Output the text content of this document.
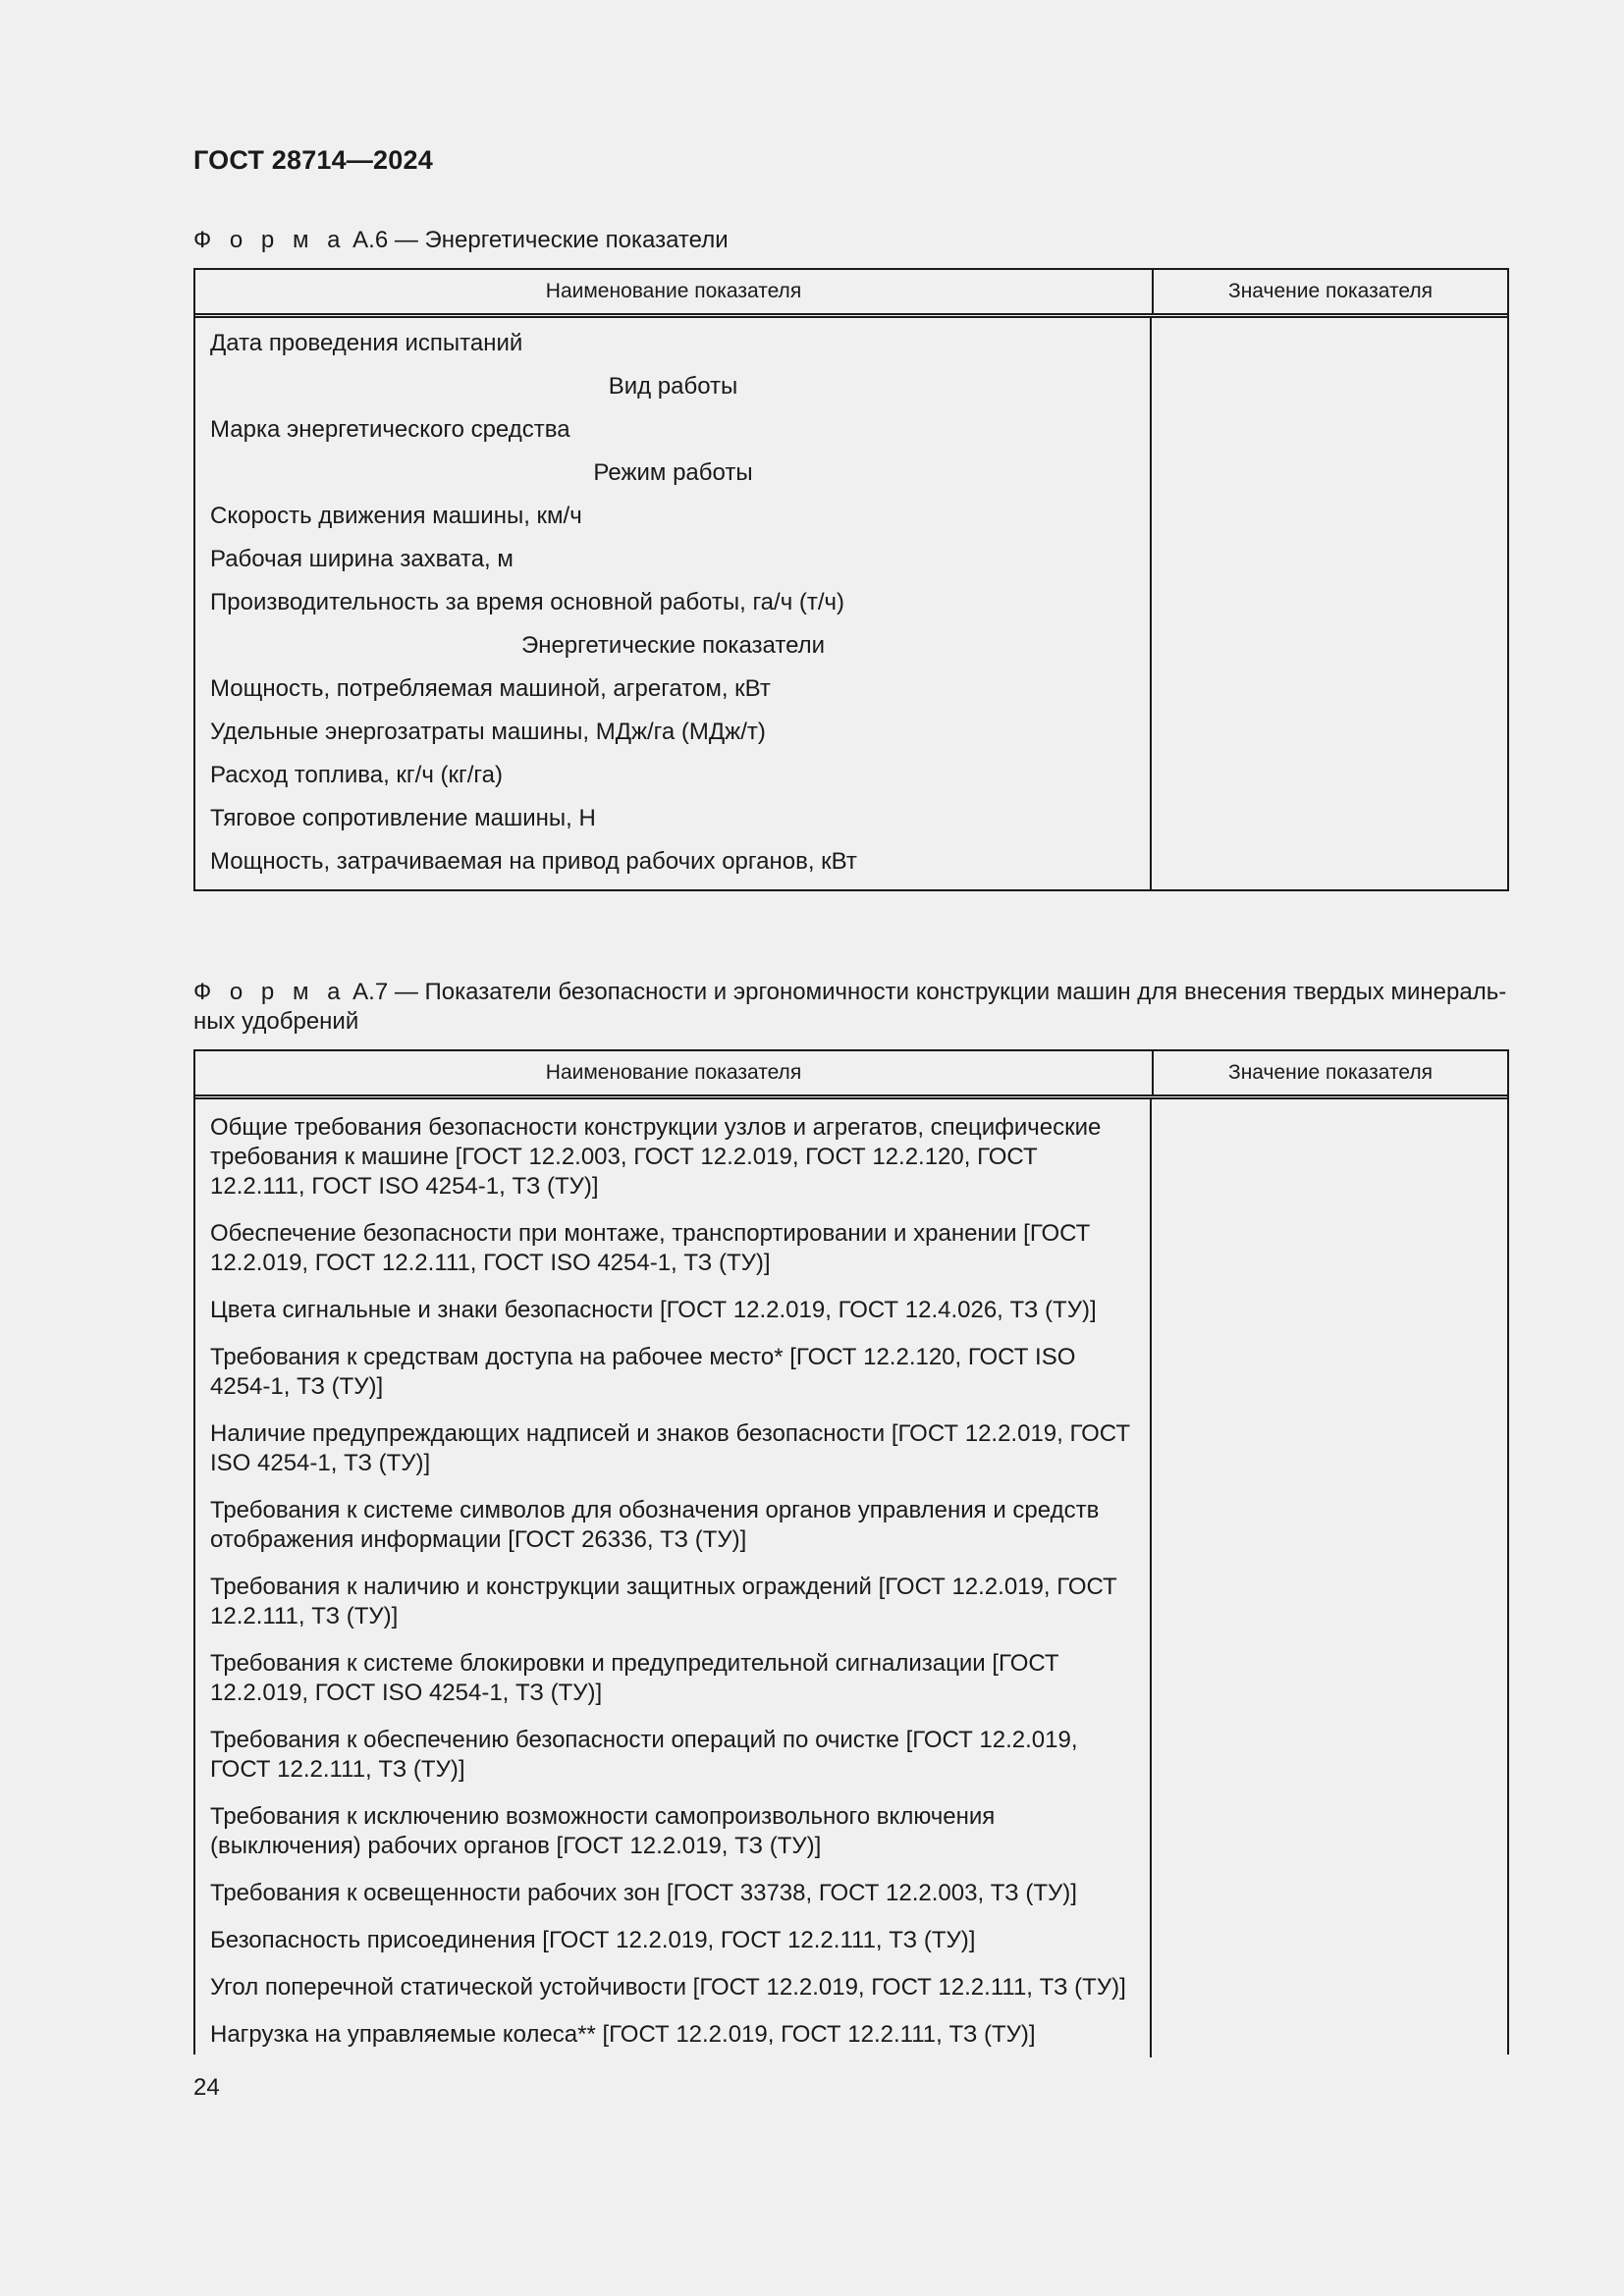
ГОСТ 28714—2024
Ф о р м а А.6 — Энергетические показатели
Наименование показателя	Значение показателя
Дата проведения испытаний
Вид работы
Марка энергетического средства
Режим работы
Скорость движения машины, км/ч
Рабочая ширина захвата, м
Производительность за время основной работы, га/ч (т/ч)
Энергетические показатели
Мощность, потребляемая машиной, агрегатом, кВт
Удельные энергозатраты машины, МДж/га (МДж/т)
Расход топлива, кг/ч (кг/га)
Тяговое сопротивление машины, Н
Мощность, затрачиваемая на привод рабочих органов, кВт
Ф о р м а А.7 — Показатели безопасности и эргономичности конструкции машин для внесения твердых минераль-
ных удобрений
Наименование показателя	Значение показателя
Общие требования безопасности конструкции узлов и агрегатов, специфические требования к машине [ГОСТ 12.2.003, ГОСТ 12.2.019, ГОСТ 12.2.120, ГОСТ 12.2.111, ГОСТ ISO 4254-1, ТЗ (ТУ)]
Обеспечение безопасности при монтаже, транспортировании и хранении [ГОСТ 12.2.019, ГОСТ 12.2.111, ГОСТ ISO 4254-1, ТЗ (ТУ)]
Цвета сигнальные и знаки безопасности [ГОСТ 12.2.019, ГОСТ 12.4.026, ТЗ (ТУ)]
Требования к средствам доступа на рабочее место* [ГОСТ 12.2.120, ГОСТ ISO 4254-1, ТЗ (ТУ)]
Наличие предупреждающих надписей и знаков безопасности [ГОСТ 12.2.019, ГОСТ ISO 4254-1, ТЗ (ТУ)]
Требования к системе символов для обозначения органов управления и средств отображения информации [ГОСТ 26336, ТЗ (ТУ)]
Требования к наличию и конструкции защитных ограждений [ГОСТ 12.2.019, ГОСТ 12.2.111, ТЗ (ТУ)]
Требования к системе блокировки и предупредительной сигнализации [ГОСТ 12.2.019, ГОСТ ISO 4254-1, ТЗ (ТУ)]
Требования к обеспечению безопасности операций по очистке [ГОСТ 12.2.019, ГОСТ 12.2.111, ТЗ (ТУ)]
Требования к исключению возможности самопроизвольного включения (выключения) рабочих органов [ГОСТ 12.2.019, ТЗ (ТУ)]
Требования к освещенности рабочих зон [ГОСТ 33738, ГОСТ 12.2.003, ТЗ (ТУ)]
Безопасность присоединения [ГОСТ 12.2.019, ГОСТ 12.2.111, ТЗ (ТУ)]
Угол поперечной статической устойчивости [ГОСТ 12.2.019, ГОСТ 12.2.111, ТЗ (ТУ)]
Нагрузка на управляемые колеса** [ГОСТ 12.2.019, ГОСТ 12.2.111, ТЗ (ТУ)]
24
